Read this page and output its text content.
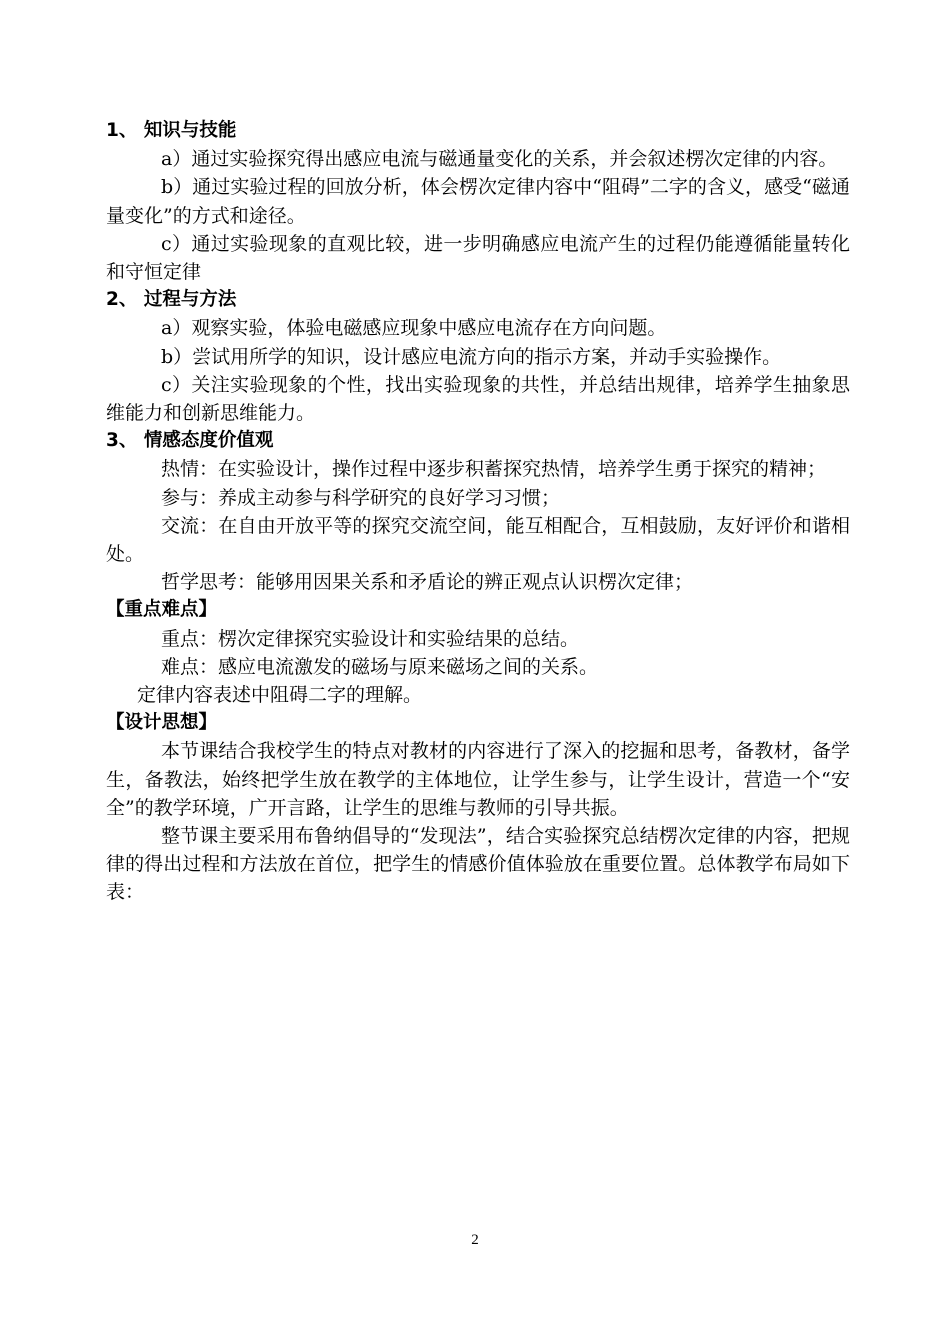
1、 知识与技能

a）通过实验探究得出感应电流与磁通量变化的关系，并会叙述楞次定律的内容。

b）通过实验过程的回放分析，体会楞次定律内容中“阻碍”二字的含义，感受“磁通量变化”的方式和途径。

c）通过实验现象的直观比较，进一步明确感应电流产生的过程仍能遵循能量转化和守恒定律

2、 过程与方法

a）观察实验，体验电磁感应现象中感应电流存在方向问题。

b）尝试用所学的知识，设计感应电流方向的指示方案，并动手实验操作。

c）关注实验现象的个性，找出实验现象的共性，并总结出规律，培养学生抽象思维能力和创新思维能力。

3、 情感态度价值观

热情：在实验设计，操作过程中逐步积蓄探究热情，培养学生勇于探究的精神；

参与：养成主动参与科学研究的良好学习习惯；

交流：在自由开放平等的探究交流空间，能互相配合，互相鼓励，友好评价和谐相处。

哲学思考：能够用因果关系和矛盾论的辨正观点认识楞次定律；

【重点难点】

重点：楞次定律探究实验设计和实验结果的总结。

难点：感应电流激发的磁场与原来磁场之间的关系。

定律内容表述中阻碍二字的理解。

【设计思想】

本节课结合我校学生的特点对教材的内容进行了深入的挖掘和思考，备教材，备学生，备教法，始终把学生放在教学的主体地位，让学生参与，让学生设计，营造一个“安全”的教学环境，广开言路，让学生的思维与教师的引导共振。

整节课主要采用布鲁纳倡导的“发现法”，结合实验探究总结楞次定律的内容，把规律的得出过程和方法放在首位，把学生的情感价值体验放在重要位置。总体教学布局如下表：

2
